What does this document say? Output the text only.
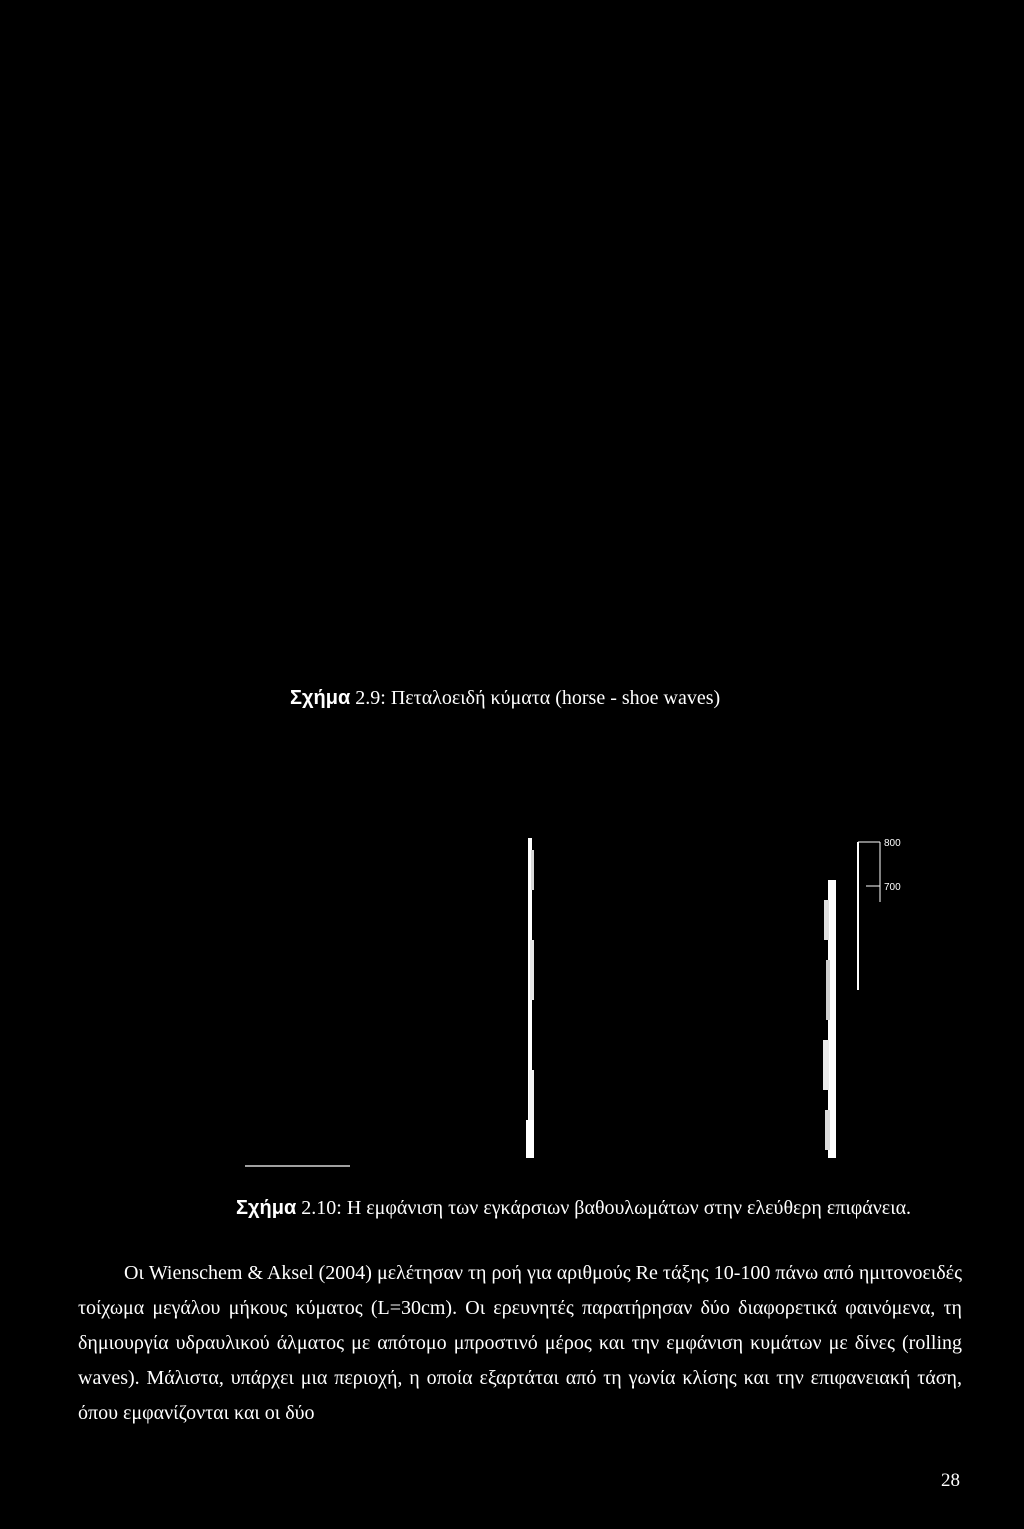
Σχήμα 2.9: Πεταλοειδή κύματα (horse - shoe waves)
800
700
Σχήμα 2.10: Η εμφάνιση των εγκάρσιων βαθουλωμάτων στην ελεύθερη επιφάνεια.

Οι Wienschem & Aksel (2004) μελέτησαν τη ροή για αριθμούς Re τάξης 10-100 πάνω από ημιτονοειδές τοίχωμα μεγάλου μήκους κύματος (L=30cm). Οι ερευνητές παρατήρησαν δύο διαφορετικά φαινόμενα, τη δημιουργία υδραυλικού άλματος με απότομο μπροστινό μέρος και την εμφάνιση κυμάτων με δίνες (rolling waves). Μάλιστα, υπάρχει μια περιοχή, η οποία εξαρτάται από τη γωνία κλίσης και την επιφανειακή τάση, όπου εμφανίζονται και οι δύο

28
